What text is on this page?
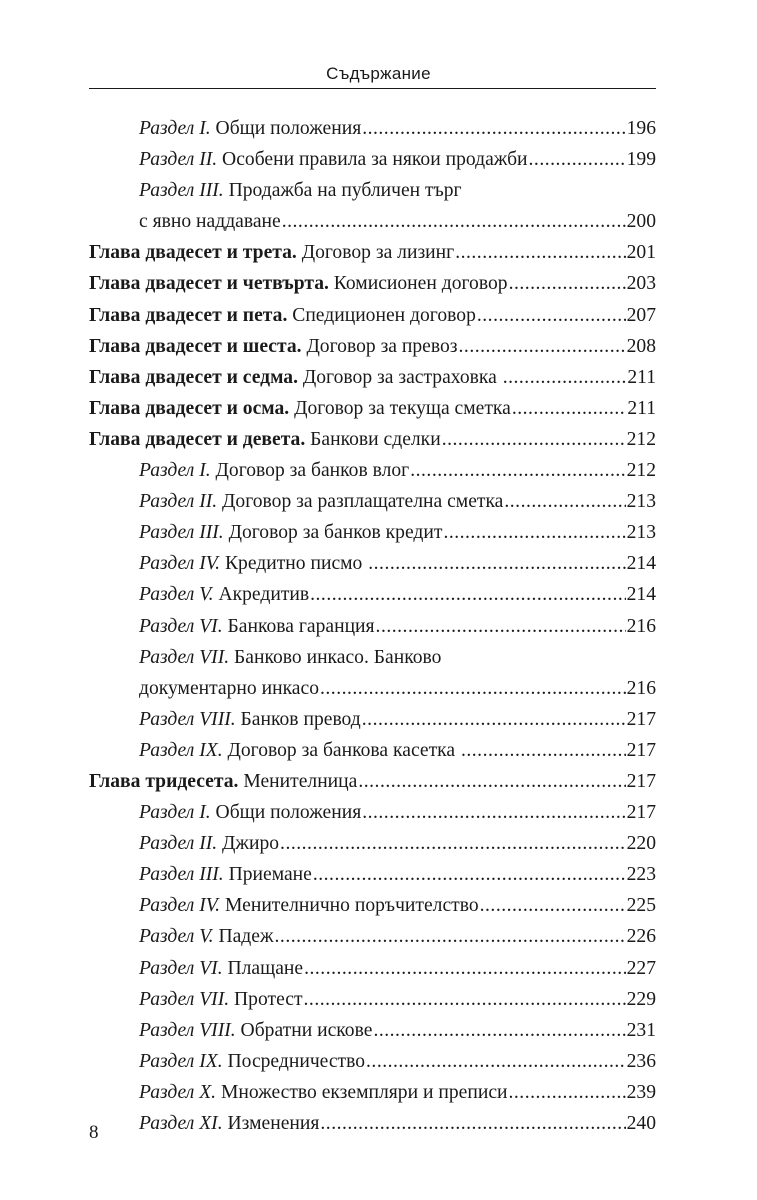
Съдържание
Раздел I. Общи положения .....	196
Раздел II. Особени правила за някои продажби .....	199
Раздел III. Продажба на публичен търг
с явно наддаване .....	200
Глава двадесет и трета. Договор за лизинг .....	201
Глава двадесет и четвърта. Комисионен договор .....	203
Глава двадесет и пета. Спедиционен договор .....	207
Глава двадесет и шеста. Договор за превоз .....	208
Глава двадесет и седма. Договор за застраховка .....	211
Глава двадесет и осма. Договор за текуща сметка .....	211
Глава двадесет и девета. Банкови сделки .....	212
Раздел I. Договор за банков влог .....	212
Раздел II. Договор за разплащателна сметка .....	213
Раздел III. Договор за банков кредит .....	213
Раздел IV. Кредитно писмо .....	214
Раздел V. Акредитив .....	214
Раздел VI. Банкова гаранция .....	216
Раздел VII. Банково инкасо. Банково
документарно инкасо .....	216
Раздел VIII. Банков превод .....	217
Раздел IX. Договор за банкова касетка .....	217
Глава тридесета. Менителница .....	217
Раздел I. Общи положения .....	217
Раздел II. Джиро .....	220
Раздел III. Приемане .....	223
Раздел IV. Менителнично поръчителство .....	225
Раздел V. Падеж .....	226
Раздел VI. Плащане .....	227
Раздел VII. Протест .....	229
Раздел VIII. Обратни искове .....	231
Раздел IX. Посредничество .....	236
Раздел X. Множество екземпляри и преписи .....	239
Раздел XI. Изменения .....	240
8
